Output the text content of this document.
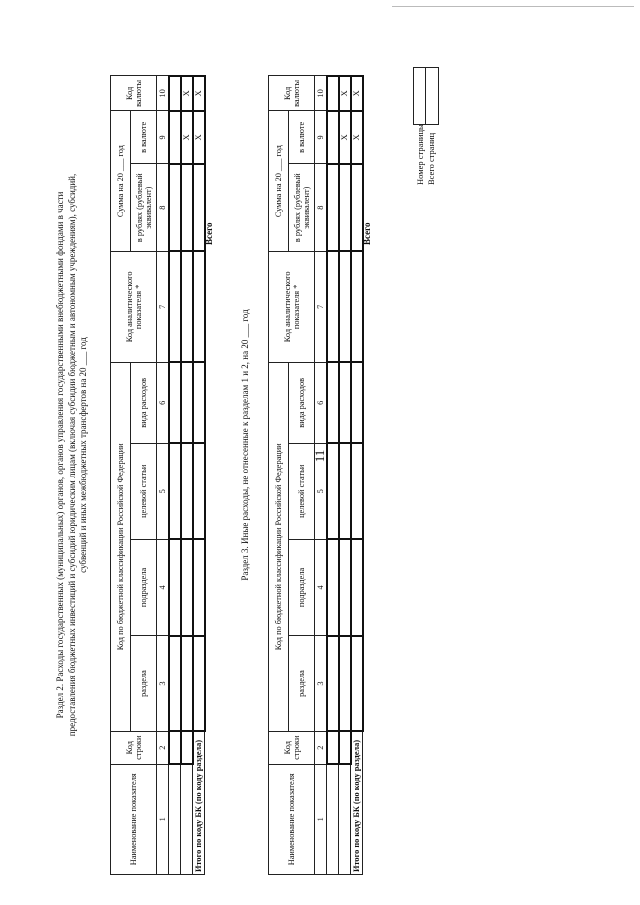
11
Раздел 2. Расходы государственных (муниципальных) органов, органов управления государственными внебюджетными фондами в части предоставления бюджетных инвестиций и субсидий юридическим лицам (включая субсидии бюджетным и автономным учреждениям), субсидий, субвенций и иных межбюджетных трансфертов на 20 ___ год
Наименование показателя	Код строки	Код по бюджетной классификации Российской Федерации				Код аналитического показателя *	Сумма на 20 ___ год		Код валюты
		раздела	подраздела	целевой статьи	вида расходов		в рублях (рублевый эквивалент)	в валюте	
1	2	3	4	5	6	7	8	9	10

								X	X
Итого по коду БК (по коду раздела)								X	X
Всего
Раздел 3. Иные расходы, не отнесенные к разделам 1 и 2, на 20 ___ год
Наименование показателя	Код строки	Код по бюджетной классификации Российской Федерации				Код аналитического показателя *	Сумма на 20 ___ год		Код валюты
		раздела	подраздела	целевой статьи	вида расходов		в рублях (рублевый эквивалент)	в валюте	
1	2	3	4	5	6	7	8	9	10

								X	X
Итого по коду БК (по коду раздела)								X	X
Всего
Номер страницы Всего страниц
